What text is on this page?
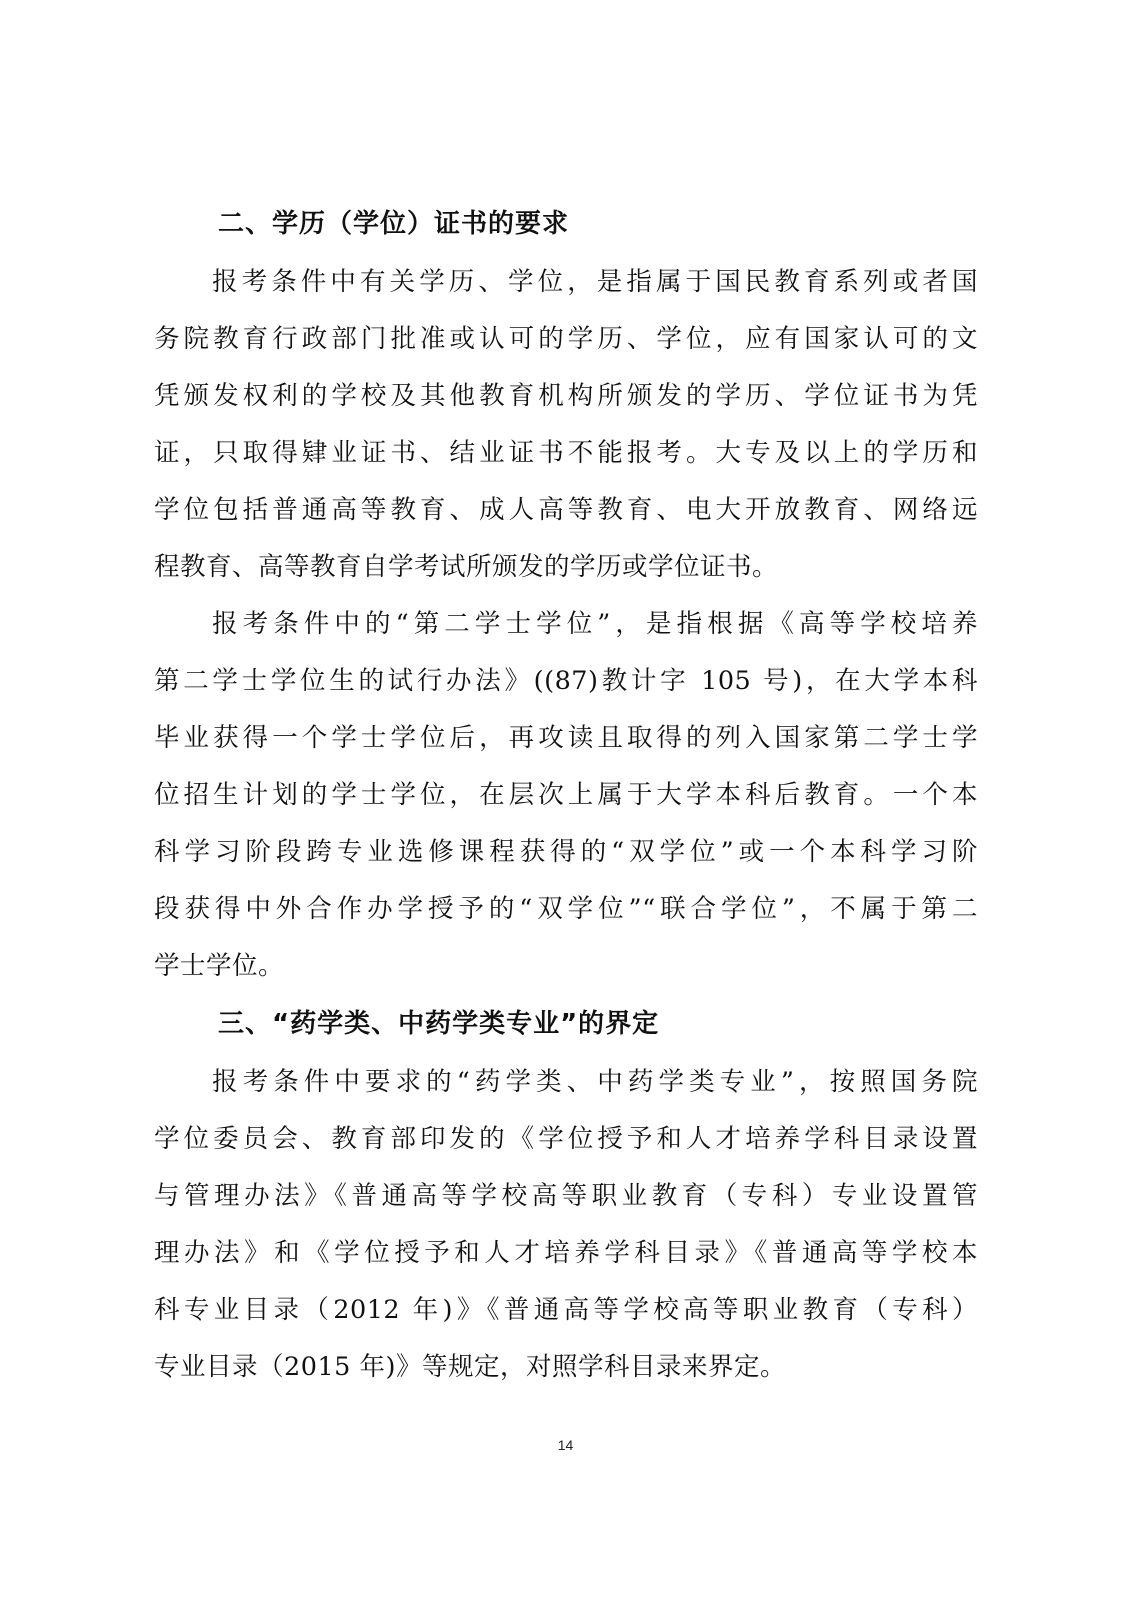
二、学历（学位）证书的要求
报考条件中有关学历、学位，是指属于国民教育系列或者国
务院教育行政部门批准或认可的学历、学位，应有国家认可的文
凭颁发权利的学校及其他教育机构所颁发的学历、学位证书为凭
证，只取得肄业证书、结业证书不能报考。大专及以上的学历和
学位包括普通高等教育、成人高等教育、电大开放教育、网络远
程教育、高等教育自学考试所颁发的学历或学位证书。
报考条件中的“第二学士学位”，是指根据《高等学校培养
第二学士学位生的试行办法》((87)教计字 105 号)，在大学本科
毕业获得一个学士学位后，再攻读且取得的列入国家第二学士学
位招生计划的学士学位，在层次上属于大学本科后教育。一个本
科学习阶段跨专业选修课程获得的“双学位”或一个本科学习阶
段获得中外合作办学授予的“双学位”“联合学位”，不属于第二
学士学位。
三、“药学类、中药学类专业”的界定
报考条件中要求的“药学类、中药学类专业”，按照国务院
学位委员会、教育部印发的《学位授予和人才培养学科目录设置
与管理办法》《普通高等学校高等职业教育（专科）专业设置管
理办法》和《学位授予和人才培养学科目录》《普通高等学校本
科专业目录（2012 年)》《普通高等学校高等职业教育（专科）
专业目录（2015 年)》等规定，对照学科目录来界定。
14
